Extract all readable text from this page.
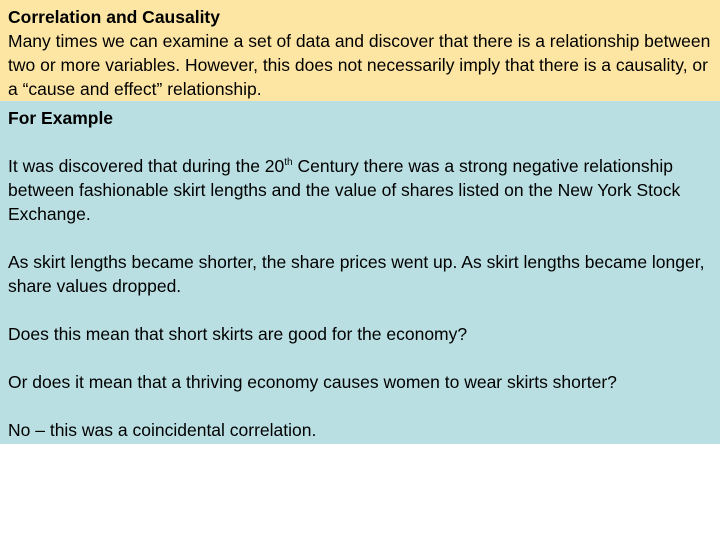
Correlation and Causality
Many times we can examine a set of data and discover that there is a relationship between two or more variables. However, this does not necessarily imply that there is a causality, or a “cause and effect” relationship.
For Example
It was discovered that during the 20th Century there was a strong negative relationship between fashionable skirt lengths and the value of shares listed on the New York Stock Exchange.
As skirt lengths became shorter, the share prices went up. As skirt lengths became longer, share values dropped.
Does this mean that short skirts are good for the economy?
Or does it mean that a thriving economy causes women to wear skirts shorter?
No – this was a coincidental correlation.
